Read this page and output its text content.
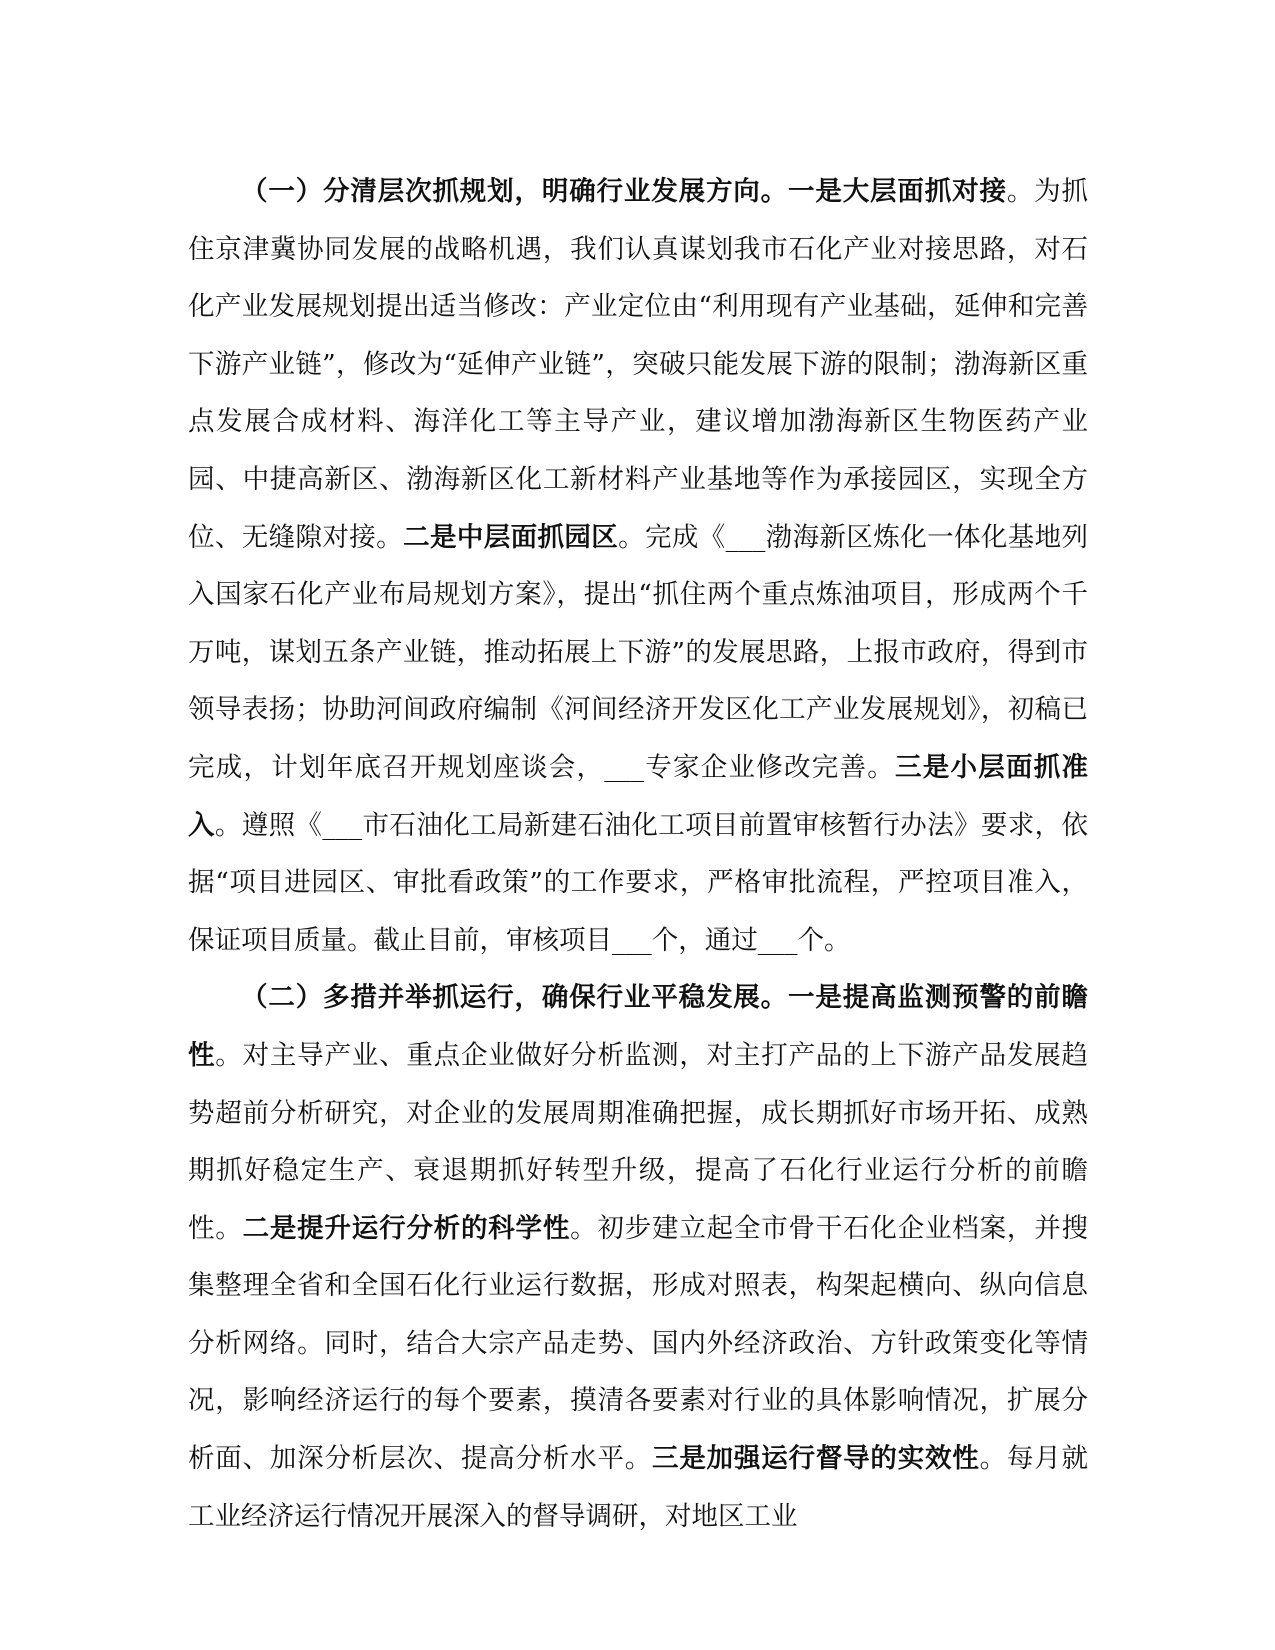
（一）分清层次抓规划，明确行业发展方向。一是大层面抓对接。为抓住京津冀协同发展的战略机遇，我们认真谋划我市石化产业对接思路，对石化产业发展规划提出适当修改：产业定位由“利用现有产业基础，延伸和完善下游产业链”，修改为“延伸产业链”，突破只能发展下游的限制；渤海新区重点发展合成材料、海洋化工等主导产业，建议增加渤海新区生物医药产业园、中捷高新区、渤海新区化工新材料产业基地等作为承接园区，实现全方位、无缝隙对接。二是中层面抓园区。完成《___渤海新区炼化一体化基地列入国家石化产业布局规划方案》，提出“抓住两个重点炼油项目，形成两个千万吨，谋划五条产业链，推动拓展上下游”的发展思路，上报市政府，得到市领导表扬；协助河间政府编制《河间经济开发区化工产业发展规划》，初稿已完成，计划年底召开规划座谈会，___专家企业修改完善。三是小层面抓准入。遵照《___市石油化工局新建石油化工项目前置审核暂行办法》要求，依据“项目进园区、审批看政策”的工作要求，严格审批流程，严控项目准入，保证项目质量。截止目前，审核项目___个，通过___个。

（二）多措并举抓运行，确保行业平稳发展。一是提高监测预警的前瞻性。对主导产业、重点企业做好分析监测，对主打产品的上下游产品发展趋势超前分析研究，对企业的发展周期准确把握，成长期抓好市场开拓、成熟期抓好稳定生产、衰退期抓好转型升级，提高了石化行业运行分析的前瞻性。二是提升运行分析的科学性。初步建立起全市骨干石化企业档案，并搜集整理全省和全国石化行业运行数据，形成对照表，构架起横向、纵向信息分析网络。同时，结合大宗产品走势、国内外经济政治、方针政策变化等情况，影响经济运行的每个要素，摸清各要素对行业的具体影响情况，扩展分析面、加深分析层次、提高分析水平。三是加强运行督导的实效性。每月就工业经济运行情况开展深入的督导调研，对地区工业
